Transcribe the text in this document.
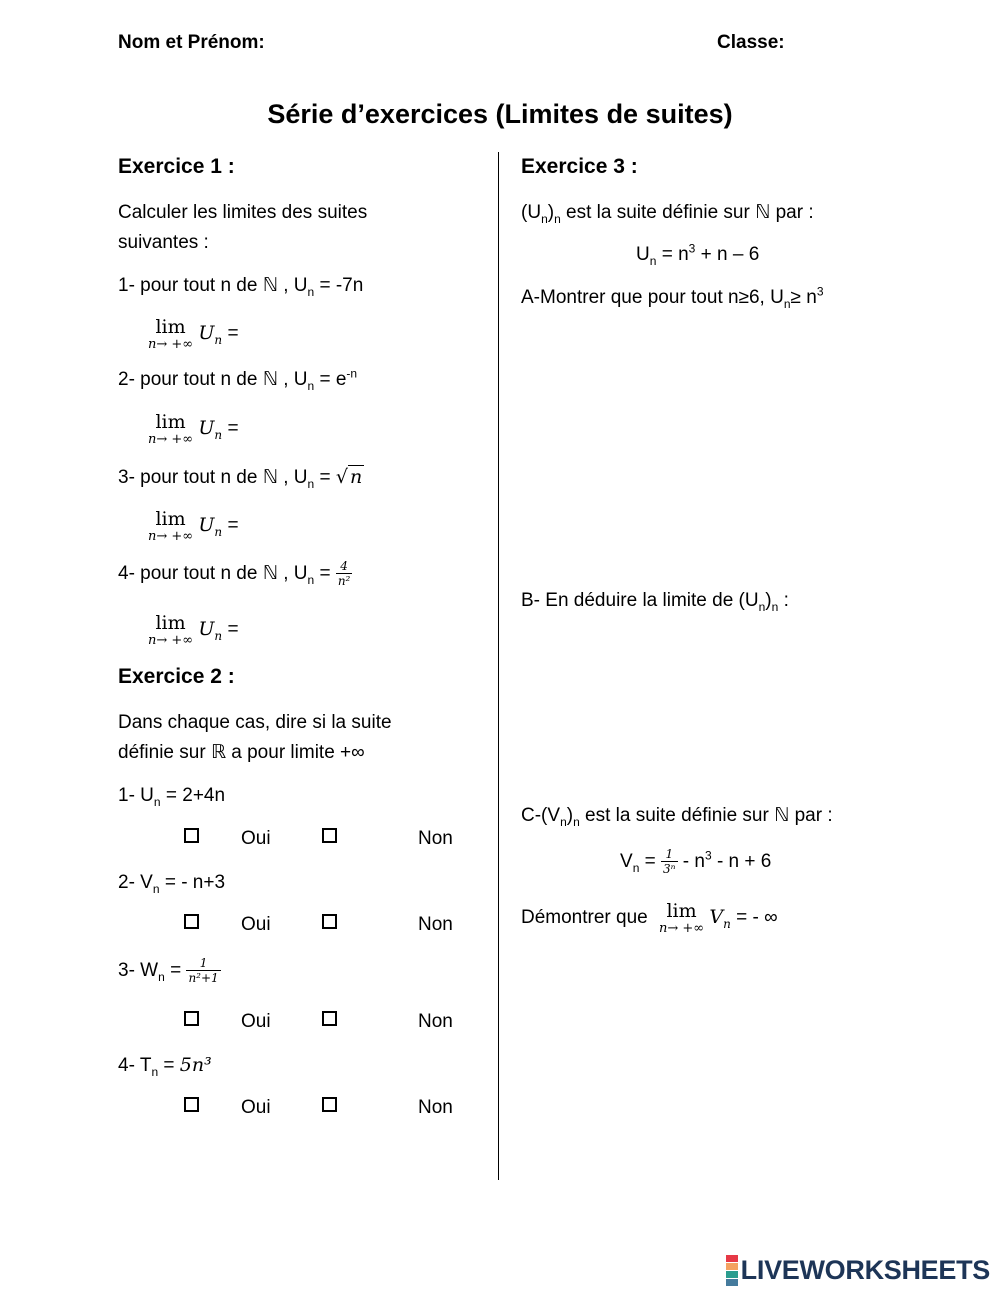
Nom et Prénom:	Classe:
Série d’exercices (Limites de suites)
Exercice 1 :
Calculer les limites des suites
suivantes :
1- pour tout n de ℕ , $U_n = -7n$
lim
n→ +∞
$U_n$ =
2- pour tout n de ℕ , $U_n = e^{-n}$
lim
n→ +∞
$U_n$ =
3- pour tout n de ℕ , $U_n$ = √ n
lim
n→ +∞
$U_n$ =
4- pour tout n de ℕ , $U_n = \frac{4}{\text{n²}}$
lim
n→ +∞
$U_n$ =
Exercice 2 :
Dans chaque cas, dire si la suite
définie sur ℝ a pour limite +∞
1- $U_n = 2+4n$
Oui	Non
2- $V_n$ = - n+3
Oui	Non
3- $W_n = \frac{1}{\text{n²+1}}$
Oui	Non
4- $T_n = 5n^3$
Oui	Non
Exercice 3 :
$(U_n)_n$ est la suite définie sur ℕ par :
$U_n = n^3 + n - 6$
A-Montrer que pour tout n≥6, $U_n\ge n^3$
B- En déduire la limite de $(U_n)_n$ :
$C-(V_n)_n$ est la suite définie sur ℕ par :
$V_n = \frac{1}{\text{3ⁿ}} - n^3 - n + 6$
Démontrer que lim
n→ +∞
$V_n$ = - ∞
LIVEWORKSHEETS
